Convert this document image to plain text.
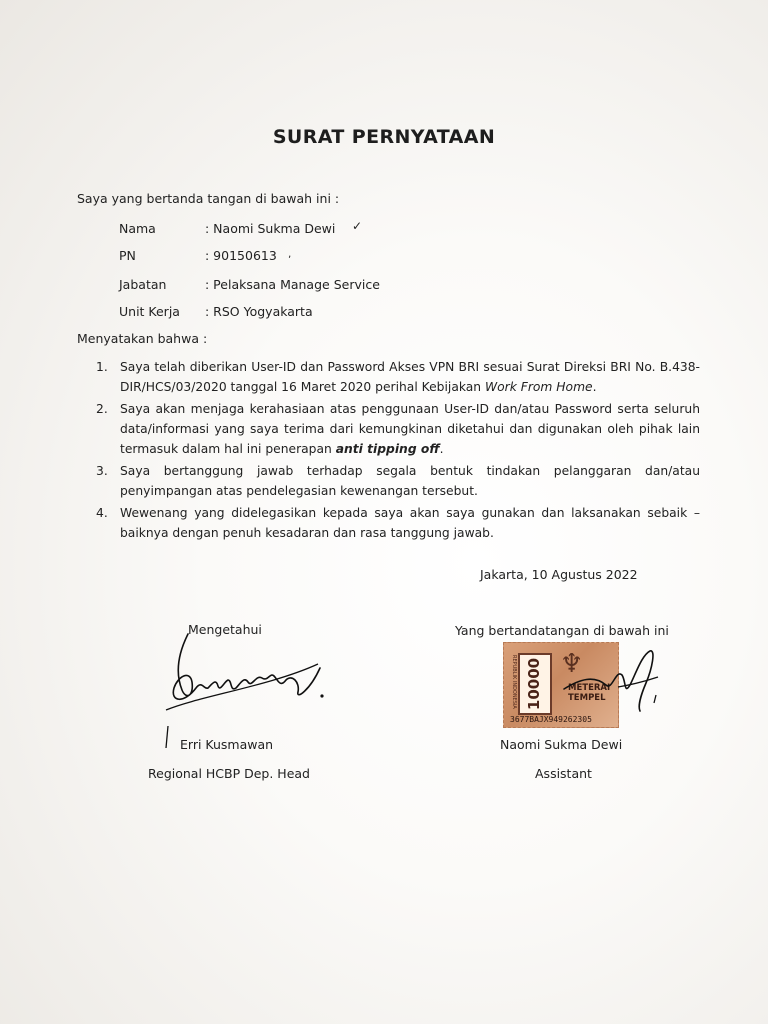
SURAT PERNYATAAN
Saya yang bertanda tangan di bawah ini :
Nama	: Naomi Sukma Dewi ✓
PN	: 90150613 ‚
Jabatan	: Pelaksana Manage Service
Unit Kerja : RSO Yogyakarta
Menyatakan bahwa :
1. Saya telah diberikan User-ID dan Password Akses VPN BRI sesuai Surat Direksi BRI No. B.438-DIR/HCS/03/2020 tanggal 16 Maret 2020 perihal Kebijakan Work From Home.
2. Saya akan menjaga kerahasiaan atas penggunaan User-ID dan/atau Password serta seluruh data/informasi yang saya terima dari kemungkinan diketahui dan digunakan oleh pihak lain termasuk dalam hal ini penerapan anti tipping off.
3. Saya bertanggung jawab terhadap segala bentuk tindakan pelanggaran dan/atau penyimpangan atas pendelegasian kewenangan tersebut.
4. Wewenang yang didelegasikan kepada saya akan saya gunakan dan laksanakan sebaik – baiknya dengan penuh kesadaran dan rasa tanggung jawab.
Jakarta, 10 Agustus 2022
Mengetahui
Erri Kusmawan
Regional HCBP Dep. Head
Yang bertandatangan di bawah ini
REPUBLIK INDONESIA 10000 ♆
METERAI
TEMPEL
3677BAJX949262305
Naomi Sukma Dewi
Assistant
